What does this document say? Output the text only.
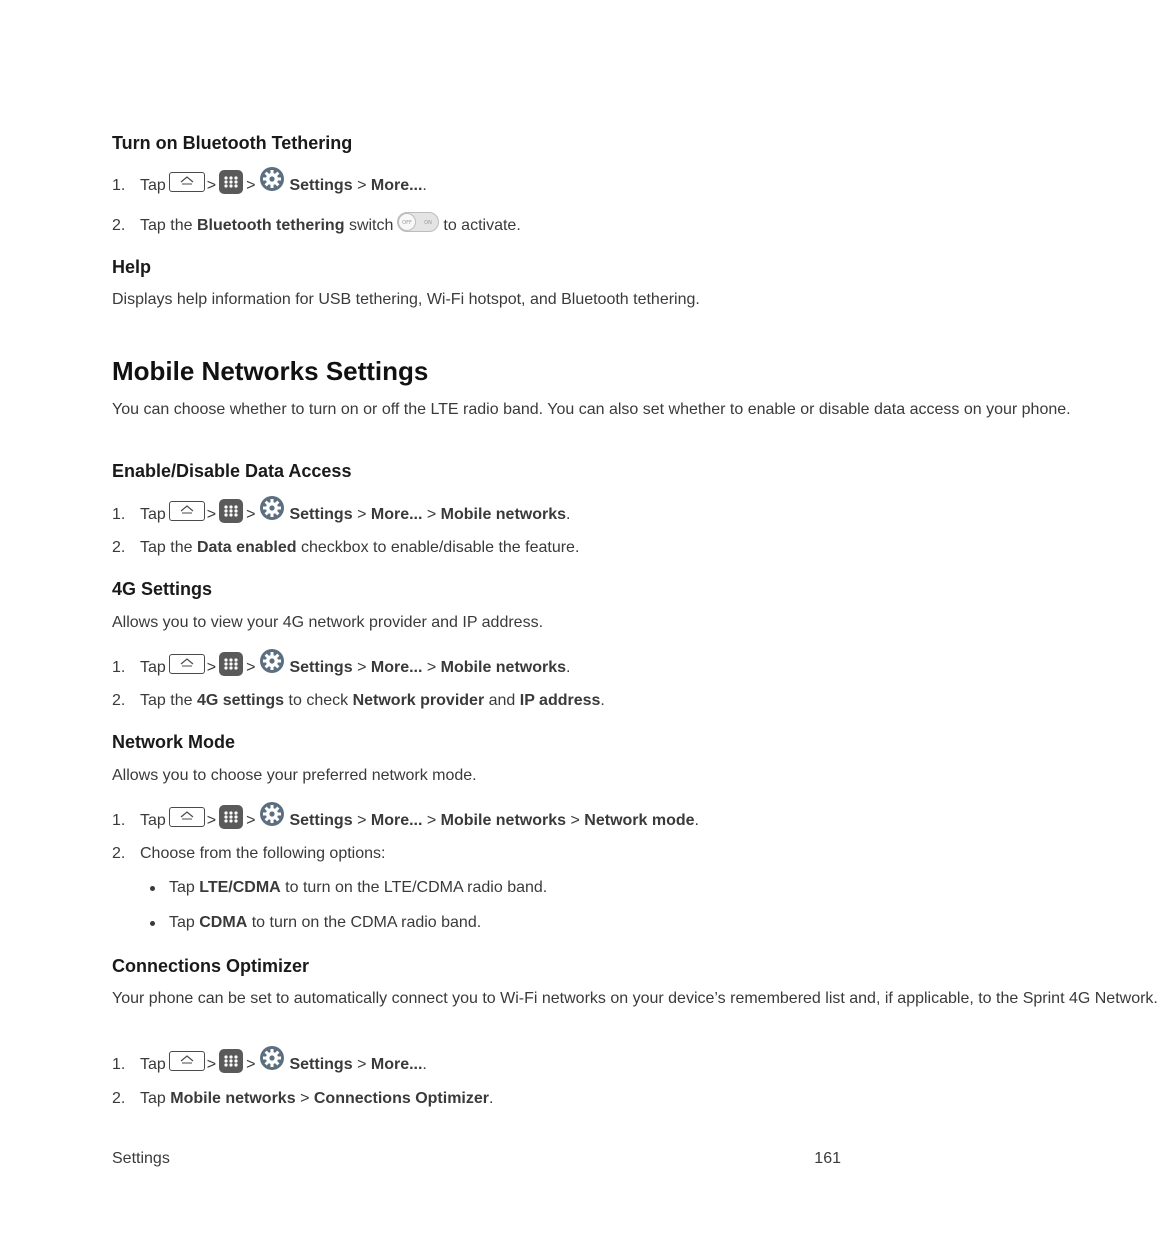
Turn on Bluetooth Tethering
1. Tap	> > Settings
>
More... .
2. Tap the
Bluetooth tethering
switch OFF ON to activate.
Help

Displays help information for USB tethering, Wi-Fi hotspot, and Bluetooth tethering.

Mobile Networks Settings

You can choose whether to turn on or off the LTE radio band. You can also set whether to enable or disable data access on your phone.

Enable/Disable Data Access
1. Tap	> > Settings
>
More...
>
Mobile networks .
2. Tap the
Data enabled
checkbox to enable/disable the feature.
4G Settings

Allows you to view your 4G network provider and IP address.

1. Tap	> > Settings
>
More...
>
Mobile networks .
2. Tap the
4G settings
to check
Network provider
and
IP address .
Network Mode

Allows you to choose your preferred network mode.

1. Tap	> > Settings
>
More...
>
Mobile networks
>
Network mode .
2. Choose from the following options:
Tap
LTE/CDMA
to turn on the LTE/CDMA radio band.
Tap
CDMA
to turn on the CDMA radio band.
Connections Optimizer

Your phone can be set to automatically connect you to Wi-Fi networks on your device’s remembered list and, if applicable, to the Sprint 4G Network.

1. Tap	> > Settings
>
More... .
2. Tap
Mobile networks
>
Connections Optimizer .
Settings	161
